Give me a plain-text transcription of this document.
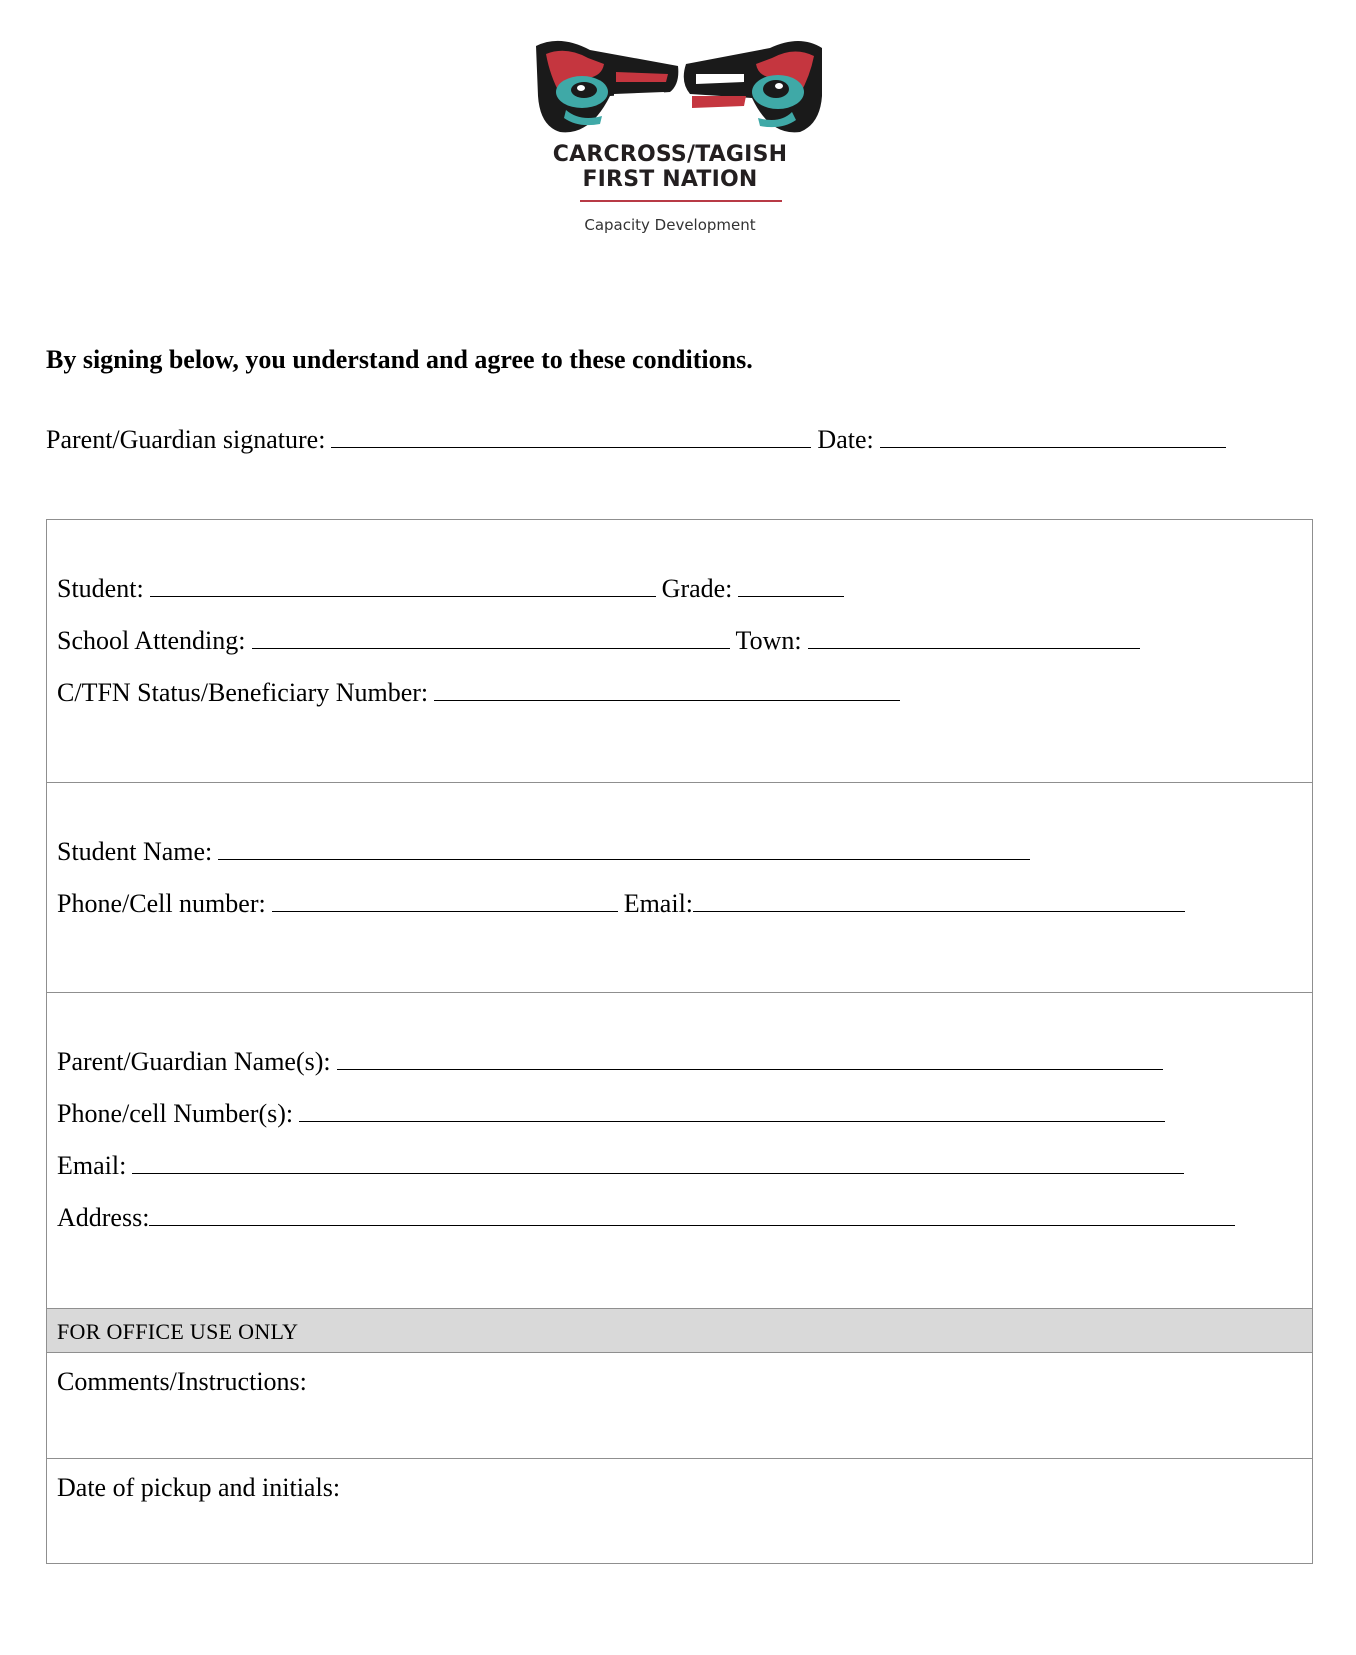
CARCROSS/TAGISH
FIRST NATION
Capacity Development
By signing below, you understand and agree to these conditions.
Parent/Guardian signature:	Date:
Student:	Grade:
School Attending:	Town:
C/TFN Status/Beneficiary Number:
Student Name:
Phone/Cell number:	Email:
Parent/Guardian Name(s):
Phone/cell Number(s):
Email:
Address:
FOR OFFICE USE ONLY
Comments/Instructions:
Date of pickup and initials:
